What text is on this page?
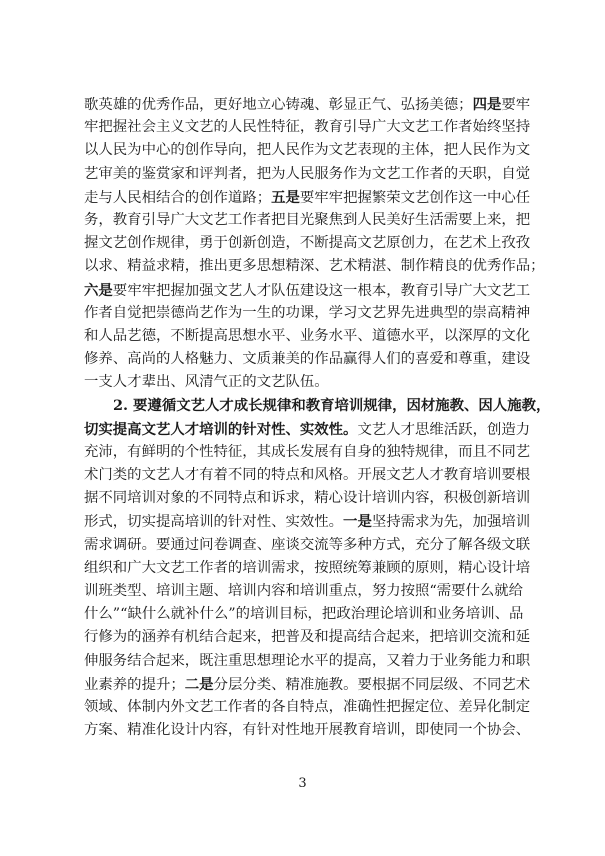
歌英雄的优秀作品，更好地立心铸魂、彰显正气、弘扬美德；四是要牢
牢把握社会主义文艺的人民性特征，教育引导广大文艺工作者始终坚持
以人民为中心的创作导向，把人民作为文艺表现的主体，把人民作为文
艺审美的鉴赏家和评判者，把为人民服务作为文艺工作者的天职，自觉
走与人民相结合的创作道路；五是要牢牢把握繁荣文艺创作这一中心任
务，教育引导广大文艺工作者把目光聚焦到人民美好生活需要上来，把
握文艺创作规律，勇于创新创造，不断提高文艺原创力，在艺术上孜孜
以求、精益求精，推出更多思想精深、艺术精湛、制作精良的优秀作品；
六是要牢牢把握加强文艺人才队伍建设这一根本，教育引导广大文艺工
作者自觉把崇德尚艺作为一生的功课，学习文艺界先进典型的崇高精神
和人品艺德，不断提高思想水平、业务水平、道德水平，以深厚的文化
修养、高尚的人格魅力、文质兼美的作品赢得人们的喜爱和尊重，建设
一支人才辈出、风清气正的文艺队伍。
2. 要遵循文艺人才成长规律和教育培训规律，因材施教、因人施教，
切实提高文艺人才培训的针对性、实效性。文艺人才思维活跃，创造力
充沛，有鲜明的个性特征，其成长发展有自身的独特规律，而且不同艺
术门类的文艺人才有着不同的特点和风格。开展文艺人才教育培训要根
据不同培训对象的不同特点和诉求，精心设计培训内容，积极创新培训
形式，切实提高培训的针对性、实效性。一是坚持需求为先，加强培训
需求调研。要通过问卷调查、座谈交流等多种方式，充分了解各级文联
组织和广大文艺工作者的培训需求，按照统筹兼顾的原则，精心设计培
训班类型、培训主题、培训内容和培训重点，努力按照“需要什么就给
什么”“缺什么就补什么”的培训目标，把政治理论培训和业务培训、品
行修为的涵养有机结合起来，把普及和提高结合起来，把培训交流和延
伸服务结合起来，既注重思想理论水平的提高，又着力于业务能力和职
业素养的提升；二是分层分类、精准施教。要根据不同层级、不同艺术
领域、体制内外文艺工作者的各自特点，准确性把握定位、差异化制定
方案、精准化设计内容，有针对性地开展教育培训，即使同一个协会、
3
